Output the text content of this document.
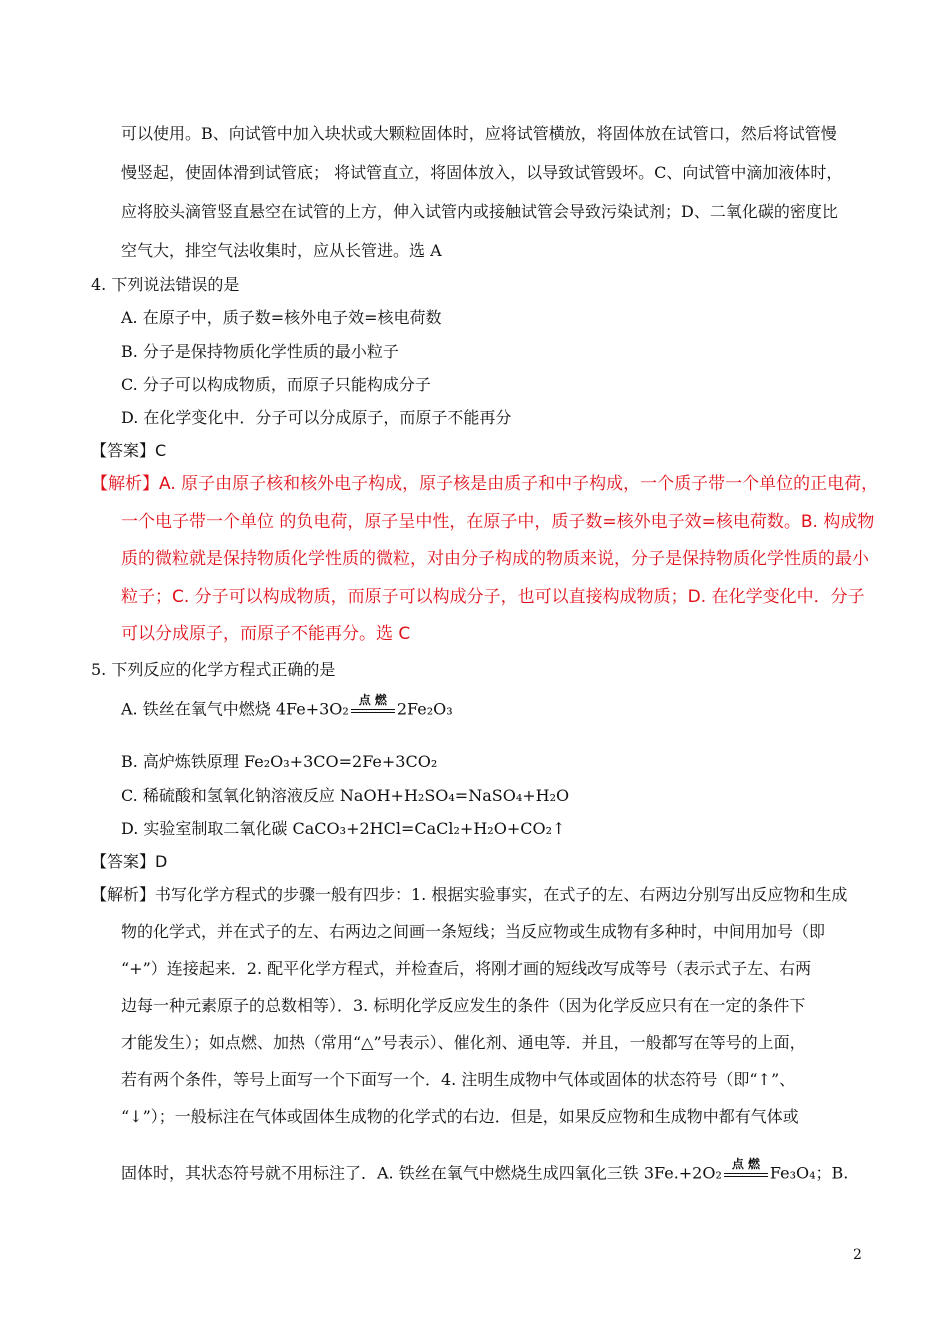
可以使用。B、向试管中加入块状或大颗粒固体时，应将试管横放，将固体放在试管口，然后将试管慢
慢竖起，使固体滑到试管底； 将试管直立，将固体放入，以导致试管毁坏。C、向试管中滴加液体时，
应将胶头滴管竖直悬空在试管的上方，伸入试管内或接触试管会导致污染试剂；D、二氧化碳的密度比
空气大，排空气法收集时，应从长管进。选 A
4. 下列说法错误的是
A. 在原子中，质子数=核外电子效=核电荷数
B. 分子是保持物质化学性质的最小粒子
C. 分子可以构成物质，而原子只能构成分子
D. 在化学变化中．分子可以分成原子，而原子不能再分
【答案】C
【解析】A. 原子由原子核和核外电子构成，原子核是由质子和中子构成，一个质子带一个单位的正电荷，
一个电子带一个单位 的负电荷，原子呈中性，在原子中，质子数=核外电子效=核电荷数。B. 构成物
质的微粒就是保持物质化学性质的微粒，对由分子构成的物质来说，分子是保持物质化学性质的最小
粒子；C. 分子可以构成物质，而原子可以构成分子，也可以直接构成物质；D. 在化学变化中．分子
可以分成原子，而原子不能再分。选 C
5. 下列反应的化学方程式正确的是
B. 高炉炼铁原理 Fe₂O₃+3CO=2Fe+3CO₂
C. 稀硫酸和氢氧化钠溶液反应 NaOH+H₂SO₄=NaSO₄+H₂O
D. 实验室制取二氧化碳 CaCO₃+2HCl=CaCl₂+H₂O+CO₂↑
【答案】D
【解析】书写化学方程式的步骤一般有四步：1. 根据实验事实，在式子的左、右两边分别写出反应物和生成
物的化学式，并在式子的左、右两边之间画一条短线；当反应物或生成物有多种时，中间用加号（即
“+”）连接起来．2. 配平化学方程式，并检查后，将刚才画的短线改写成等号（表示式子左、右两
边每一种元素原子的总数相等）．3. 标明化学反应发生的条件（因为化学反应只有在一定的条件下
才能发生）；如点燃、加热（常用“△”号表示）、催化剂、通电等．并且，一般都写在等号的上面，
若有两个条件，等号上面写一个下面写一个．4. 注明生成物中气体或固体的状态符号（即“↑”、
“↓”）；一般标注在气体或固体生成物的化学式的右边．但是，如果反应物和生成物中都有气体或
A. 铁丝在氧气中燃烧 4Fe+3O₂ 点 燃 2Fe₂O₃
固体时，其状态符号就不用标注了．A. 铁丝在氧气中燃烧生成四氧化三铁 3Fe.+2O₂ 点 燃 Fe₃O₄；B.
2
